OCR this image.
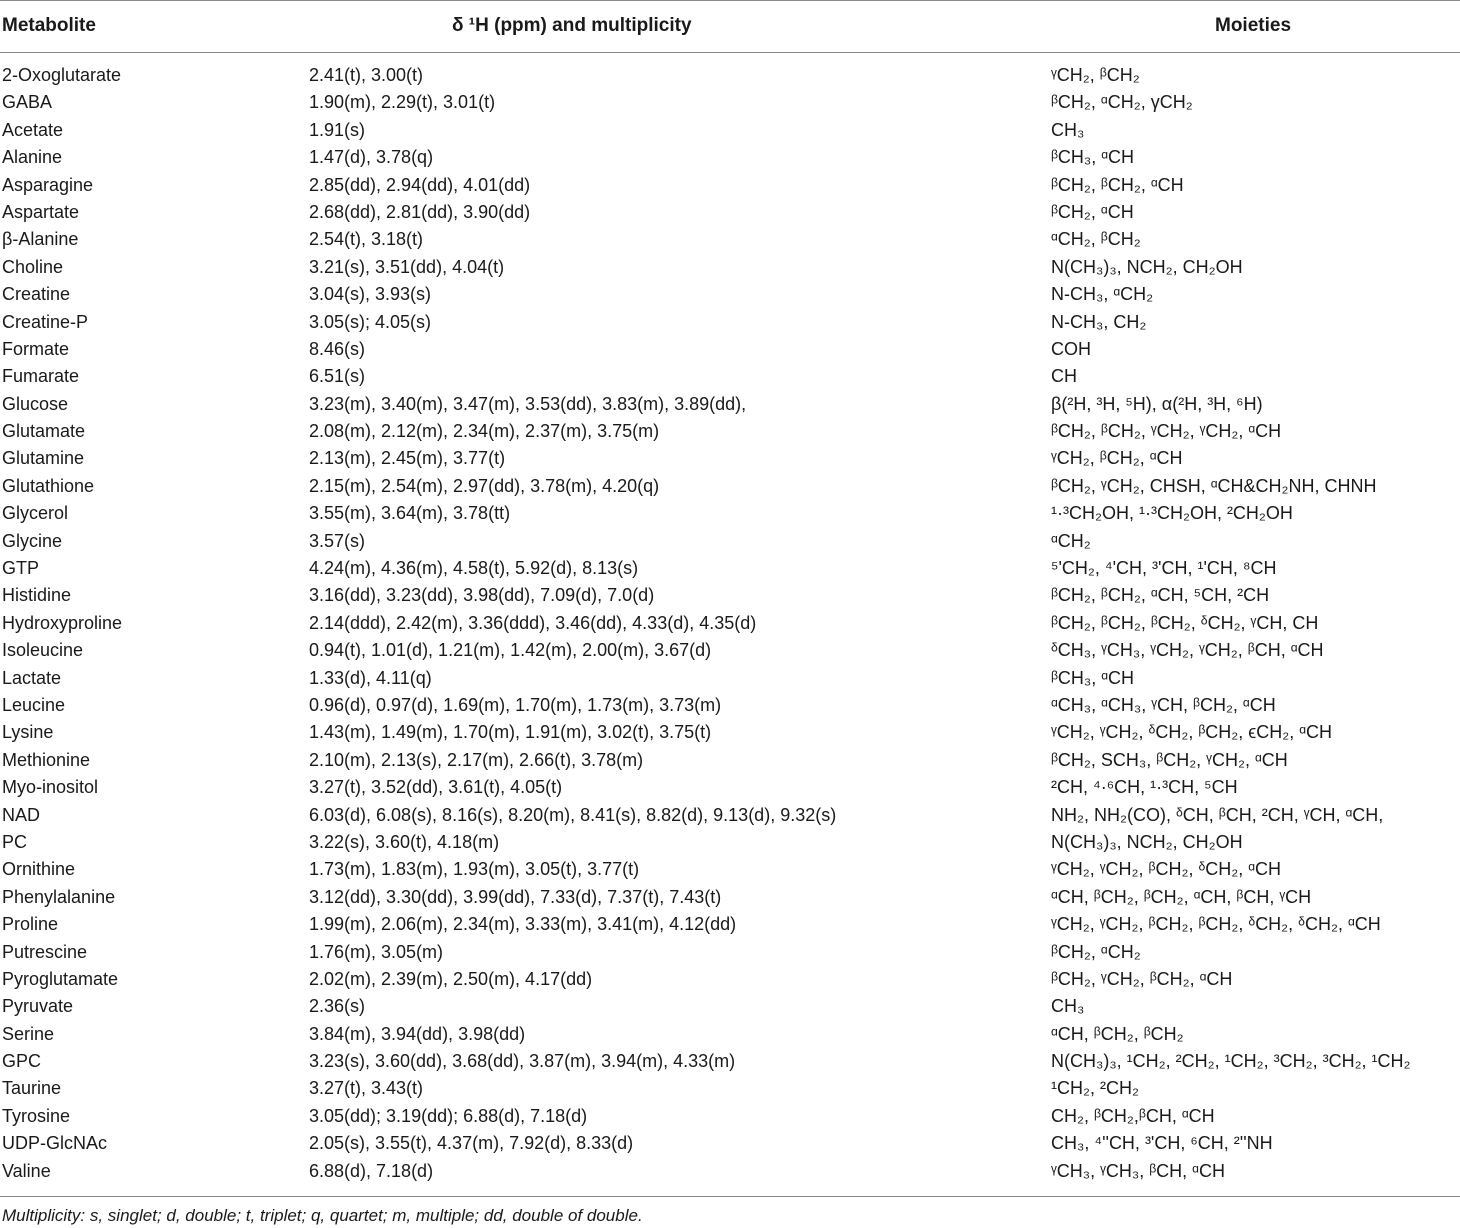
Metabolite	δ ¹H (ppm) and multiplicity	Moieties
2-Oxoglutarate	2.41(t), 3.00(t)	ᵞCH₂, ᵝCH₂
GABA	1.90(m), 2.29(t), 3.01(t)	ᵝCH₂, ᵅCH₂, γCH₂
Acetate	1.91(s)	CH₃
Alanine	1.47(d), 3.78(q)	ᵝCH₃, ᵅCH
Asparagine	2.85(dd), 2.94(dd), 4.01(dd)	ᵝCH₂, ᵝCH₂, ᵅCH
Aspartate	2.68(dd), 2.81(dd), 3.90(dd)	ᵝCH₂, ᵅCH
β-Alanine	2.54(t), 3.18(t)	ᵅCH₂, ᵝCH₂
Choline	3.21(s), 3.51(dd), 4.04(t)	N(CH₃)₃, NCH₂, CH₂OH
Creatine	3.04(s), 3.93(s)	N-CH₃, ᵅCH₂
Creatine-P	3.05(s); 4.05(s)	N-CH₃, CH₂
Formate	8.46(s)	COH
Fumarate	6.51(s)	CH
Glucose	3.23(m), 3.40(m), 3.47(m), 3.53(dd), 3.83(m), 3.89(dd),	β(²H, ³H, ⁵H), α(²H, ³H, ⁶H)
Glutamate	2.08(m), 2.12(m), 2.34(m), 2.37(m), 3.75(m)	ᵝCH₂, ᵝCH₂, ᵞCH₂, ᵞCH₂, ᵅCH
Glutamine	2.13(m), 2.45(m), 3.77(t)	ᵞCH₂, ᵝCH₂, ᵅCH
Glutathione	2.15(m), 2.54(m), 2.97(dd), 3.78(m), 4.20(q)	ᵝCH₂, ᵞCH₂, CHSH, ᵅCH&CH₂NH, CHNH
Glycerol	3.55(m), 3.64(m), 3.78(tt)	¹·³CH₂OH, ¹·³CH₂OH, ²CH₂OH
Glycine	3.57(s)	ᵅCH₂
GTP	4.24(m), 4.36(m), 4.58(t), 5.92(d), 8.13(s)	⁵'CH₂, ⁴'CH, ³'CH, ¹'CH, ⁸CH
Histidine	3.16(dd), 3.23(dd), 3.98(dd), 7.09(d), 7.0(d)	ᵝCH₂, ᵝCH₂, ᵅCH, ⁵CH, ²CH
Hydroxyproline	2.14(ddd), 2.42(m), 3.36(ddd), 3.46(dd), 4.33(d), 4.35(d)	ᵝCH₂, ᵝCH₂, ᵝCH₂, ᵟCH₂, ᵞCH, CH
Isoleucine	0.94(t), 1.01(d), 1.21(m), 1.42(m), 2.00(m), 3.67(d)	ᵟCH₃, ᵞCH₃, ᵞCH₂, ᵞCH₂, ᵝCH, ᵅCH
Lactate	1.33(d), 4.11(q)	ᵝCH₃, ᵅCH
Leucine	0.96(d), 0.97(d), 1.69(m), 1.70(m), 1.73(m), 3.73(m)	ᵅCH₃, ᵅCH₃, ᵞCH, ᵝCH₂, ᵅCH
Lysine	1.43(m), 1.49(m), 1.70(m), 1.91(m), 3.02(t), 3.75(t)	ᵞCH₂, ᵞCH₂, ᵟCH₂, ᵝCH₂, ϵCH₂, ᵅCH
Methionine	2.10(m), 2.13(s), 2.17(m), 2.66(t), 3.78(m)	ᵝCH₂, SCH₃, ᵝCH₂, ᵞCH₂, ᵅCH
Myo-inositol	3.27(t), 3.52(dd), 3.61(t), 4.05(t)	²CH, ⁴·⁶CH, ¹·³CH, ⁵CH
NAD	6.03(d), 6.08(s), 8.16(s), 8.20(m), 8.41(s), 8.82(d), 9.13(d), 9.32(s)	NH₂, NH₂(CO), ᵟCH, ᵝCH, ²CH, ᵞCH, ᵅCH,
PC	3.22(s), 3.60(t), 4.18(m)	N(CH₃)₃, NCH₂, CH₂OH
Ornithine	1.73(m), 1.83(m), 1.93(m), 3.05(t), 3.77(t)	ᵞCH₂, ᵞCH₂, ᵝCH₂, ᵟCH₂, ᵅCH
Phenylalanine	3.12(dd), 3.30(dd), 3.99(dd), 7.33(d), 7.37(t), 7.43(t)	ᵅCH, ᵝCH₂, ᵝCH₂, ᵅCH, ᵝCH, ᵞCH
Proline	1.99(m), 2.06(m), 2.34(m), 3.33(m), 3.41(m), 4.12(dd)	ᵞCH₂, ᵞCH₂, ᵝCH₂, ᵝCH₂, ᵟCH₂, ᵟCH₂, ᵅCH
Putrescine	1.76(m), 3.05(m)	ᵝCH₂, ᵅCH₂
Pyroglutamate	2.02(m), 2.39(m), 2.50(m), 4.17(dd)	ᵝCH₂, ᵞCH₂, ᵝCH₂, ᵅCH
Pyruvate	2.36(s)	CH₃
Serine	3.84(m), 3.94(dd), 3.98(dd)	ᵅCH, ᵝCH₂, ᵝCH₂
GPC	3.23(s), 3.60(dd), 3.68(dd), 3.87(m), 3.94(m), 4.33(m)	N(CH₃)₃, ¹CH₂, ²CH₂, ¹CH₂, ³CH₂, ³CH₂, ¹CH₂
Taurine	3.27(t), 3.43(t)	¹CH₂, ²CH₂
Tyrosine	3.05(dd); 3.19(dd); 6.88(d), 7.18(d)	CH₂, ᵝCH₂,ᵝCH, ᵅCH
UDP-GlcNAc	2.05(s), 3.55(t), 4.37(m), 7.92(d), 8.33(d)	CH₃, ⁴''CH, ³'CH, ⁶CH, ²''NH
Valine	6.88(d), 7.18(d)	ᵞCH₃, ᵞCH₃, ᵝCH, ᵅCH
Multiplicity: s, singlet; d, double; t, triplet; q, quartet; m, multiple; dd, double of double.
